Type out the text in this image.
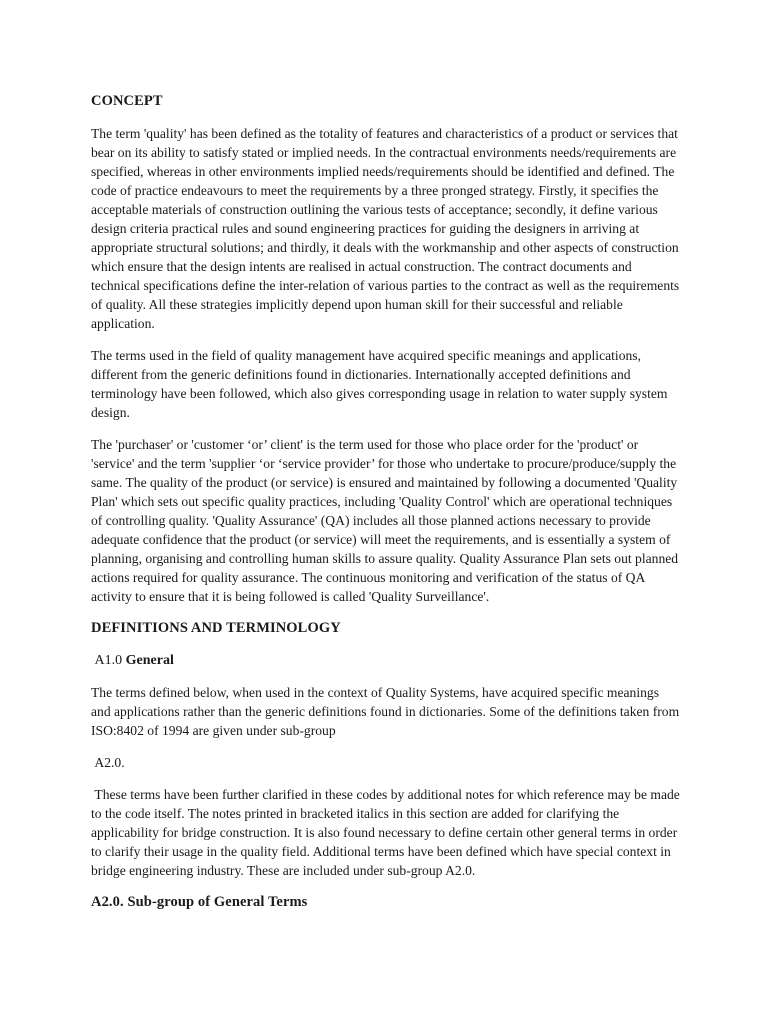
CONCEPT

The term 'quality' has been defined as the totality of features and characteristics of a product or services that bear on its ability to satisfy stated or implied needs. In the contractual environments needs/requirements are specified, whereas in other environments implied needs/requirements should be identified and defined. The code of practice endeavours to meet the requirements by a three pronged strategy. Firstly, it specifies the acceptable materials of construction outlining the various tests of acceptance; secondly, it define various design criteria practical rules and sound engineering practices for guiding the designers in arriving at appropriate structural solutions; and thirdly, it deals with the workmanship and other aspects of construction which ensure that the design intents are realised in actual construction. The contract documents and technical specifications define the inter-relation of various parties to the contract as well as the requirements of quality. All these strategies implicitly depend upon human skill for their successful and reliable application.

The terms used in the field of quality management have acquired specific meanings and applications, different from the generic definitions found in dictionaries. Internationally accepted definitions and terminology have been followed, which also gives corresponding usage in relation to water supply system design.

The 'purchaser' or 'customer ‘or’ client' is the term used for those who place order for the 'product' or 'service' and the term 'supplier ‘or ‘service provider’ for those who undertake to procure/produce/supply the same. The quality of the product (or service) is ensured and maintained by following a documented 'Quality Plan' which sets out specific quality practices, including 'Quality Control' which are operational techniques of controlling quality. 'Quality Assurance' (QA) includes all those planned actions necessary to provide adequate confidence that the product (or service) will meet the requirements, and is essentially a system of planning, organising and controlling human skills to assure quality. Quality Assurance Plan sets out planned actions required for quality assurance. The continuous monitoring and verification of the status of QA activity to ensure that it is being followed is called 'Quality Surveillance'.

DEFINITIONS AND TERMINOLOGY
A1.0 General

The terms defined below, when used in the context of Quality Systems, have acquired specific meanings and applications rather than the generic definitions found in dictionaries. Some of the definitions taken from ISO:8402 of 1994 are given under sub-group

A2.0.

These terms have been further clarified in these codes by additional notes for which reference may be made to the code itself. The notes printed in bracketed italics in this section are added for clarifying the applicability for bridge construction. It is also found necessary to define certain other general terms in order to clarify their usage in the quality field. Additional terms have been defined which have special context in bridge engineering industry. These are included under sub-group A2.0.

A2.0. Sub-group of General Terms
